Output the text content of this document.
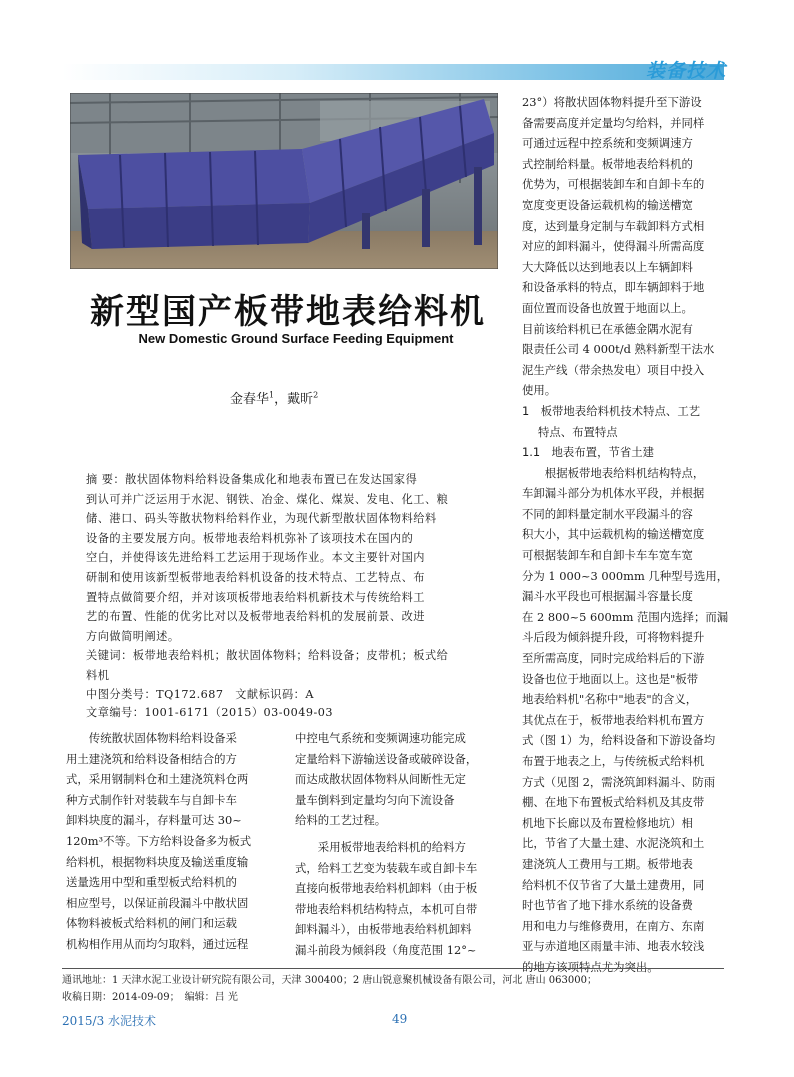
装备技术
新型国产板带地表给料机
New Domestic Ground Surface Feeding Equipment
金春华$^1$，戴昕$^2$

摘 要：散状固体物料给料设备集成化和地表布置已在发达国家得

到认可并广泛运用于水泥、钢铁、冶金、煤化、煤炭、发电、化工、粮

储、港口、码头等散状物料给料作业，为现代新型散状固体物料给料

设备的主要发展方向。板带地表给料机弥补了该项技术在国内的

空白，并使得该先进给料工艺运用于现场作业。本文主要针对国内

研制和使用该新型板带地表给料机设备的技术特点、工艺特点、布

置特点做简要介绍，并对该项板带地表给料机新技术与传统给料工

艺的布置、性能的优劣比对以及板带地表给料机的发展前景、改进

方向做简明阐述。

关键词：板带地表给料机；散状固体物料；给料设备；皮带机；板式给

料机

中图分类号：TQ172.687　文献标识码：A

文章编号：1001-6171（2015）03-0049-03

传统散状固体物料给料设备采

用土建浇筑和给料设备相结合的方

式，采用钢制料仓和土建浇筑料仓两

种方式制作针对装载车与自卸卡车

卸料块度的漏斗，存料量可达 30~

120m³不等。下方给料设备多为板式

给料机，根据物料块度及输送重度输

送量选用中型和重型板式给料机的

相应型号，以保证前段漏斗中散状固

体物料被板式给料机的闸门和运载

机构相作用从而均匀取料，通过远程

中控电气系统和变频调速功能完成

定量给料下游输送设备或破碎设备，

而达成散状固体物料从间断性无定

量车倒料到定量均匀向下流设备

给料的工艺过程。

采用板带地表给料机的给料方

式，给料工艺变为装载车或自卸卡车

直接向板带地表给料机卸料（由于板

带地表给料机结构特点，本机可自带

卸料漏斗），由板带地表给料机卸料

漏斗前段为倾斜段（角度范围 12°~

23°）将散状固体物料提升至下游设

备需要高度并定量均匀给料，并同样

可通过远程中控系统和变频调速方

式控制给料量。板带地表给料机的

优势为，可根据装卸车和自卸卡车的

宽度变更设备运载机构的输送槽宽

度，达到量身定制与车载卸料方式相

对应的卸料漏斗，使得漏斗所需高度

大大降低以达到地表以上车辆卸料

和设备承料的特点，即车辆卸料于地

面位置而设备也放置于地面以上。

目前该给料机已在承德金隅水泥有

限责任公司 4 000t/d 熟料新型干法水

泥生产线（带余热发电）项目中投入

使用。

1　板带地表给料机技术特点、工艺

特点、布置特点

1.1　地表布置，节省土建

根据板带地表给料机结构特点，

车卸漏斗部分为机体水平段，并根据

不同的卸料量定制水平段漏斗的容

积大小，其中运载机构的输送槽宽度

可根据装卸车和自卸卡车车宽车宽

分为 1 000~3 000mm 几种型号选用，

漏斗水平段也可根据漏斗容量长度

在 2 800~5 600mm 范围内选择；而漏

斗后段为倾斜提升段，可将物料提升

至所需高度，同时完成给料后的下游

设备也位于地面以上。这也是"板带

地表给料机"名称中"地表"的含义，

其优点在于，板带地表给料机布置方

式（图 1）为，给料设备和下游设备均

布置于地表之上，与传统板式给料机

方式（见图 2，需浇筑卸料漏斗、防雨

棚、在地下布置板式给料机及其皮带

机地下长廊以及布置检修地坑）相

比，节省了大量土建、水泥浇筑和土

建浇筑人工费用与工期。板带地表

给料机不仅节省了大量土建费用，同

时也节省了地下排水系统的设备费

用和电力与维修费用，在南方、东南

亚与赤道地区雨量丰沛、地表水较浅

的地方该项特点尤为突出。

通讯地址：1 天津水泥工业设计研究院有限公司，天津 300400；2 唐山锐意聚机械设备有限公司，河北 唐山 063000；
收稿日期：2014-09-09；　编辑：吕 光
2015/3 水泥技术	49
